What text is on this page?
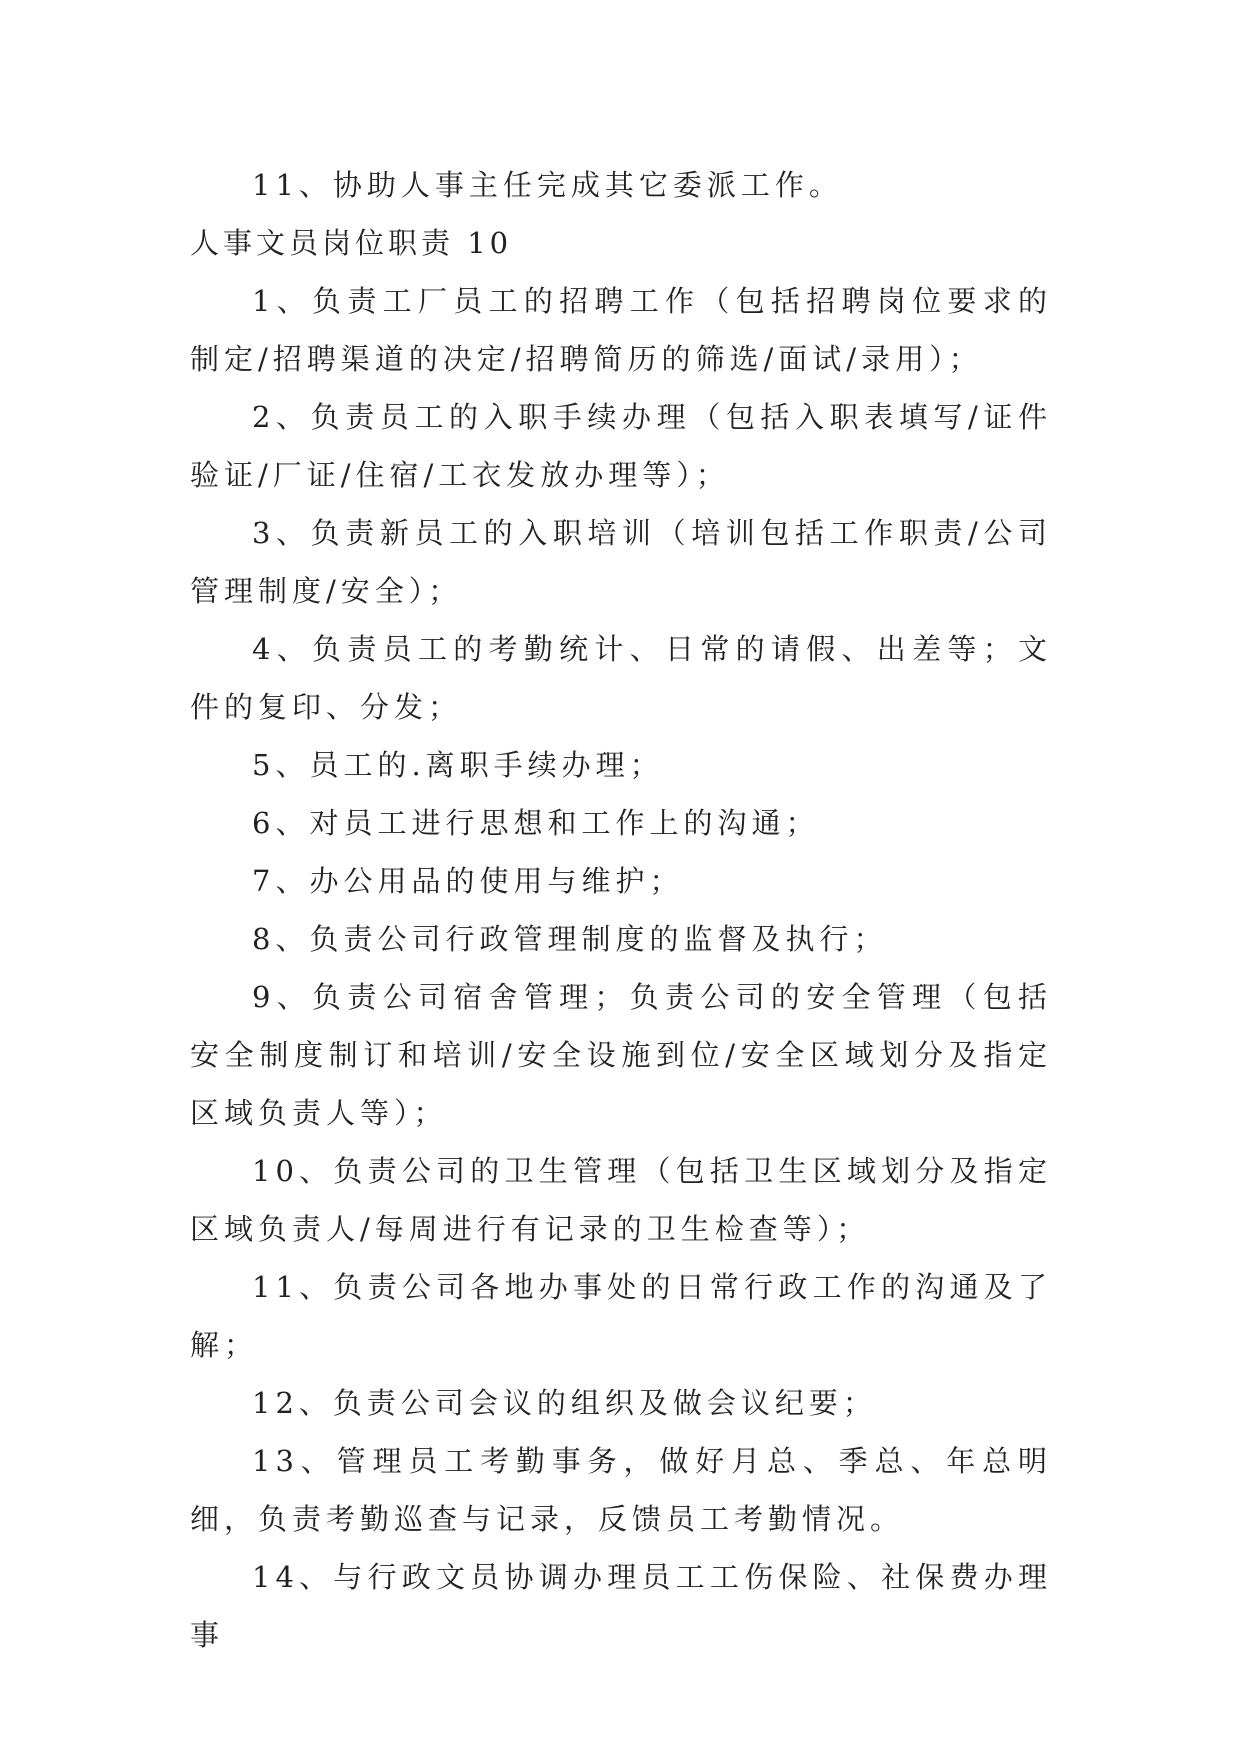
11、协助人事主任完成其它委派工作。

人事文员岗位职责 10

1、负责工厂员工的招聘工作（包括招聘岗位要求的制定/招聘渠道的决定/招聘简历的筛选/面试/录用）；

2、负责员工的入职手续办理（包括入职表填写/证件验证/厂证/住宿/工衣发放办理等）；

3、负责新员工的入职培训（培训包括工作职责/公司管理制度/安全）；

4、负责员工的考勤统计、日常的请假、出差等；文件的复印、分发；

5、员工的.离职手续办理；

6、对员工进行思想和工作上的沟通；

7、办公用品的使用与维护；

8、负责公司行政管理制度的监督及执行；

9、负责公司宿舍管理；负责公司的安全管理（包括安全制度制订和培训/安全设施到位/安全区域划分及指定区域负责人等）；

10、负责公司的卫生管理（包括卫生区域划分及指定区域负责人/每周进行有记录的卫生检查等）；

11、负责公司各地办事处的日常行政工作的沟通及了解；

12、负责公司会议的组织及做会议纪要；

13、管理员工考勤事务，做好月总、季总、年总明细，负责考勤巡查与记录，反馈员工考勤情况。

14、与行政文员协调办理员工工伤保险、社保费办理事
